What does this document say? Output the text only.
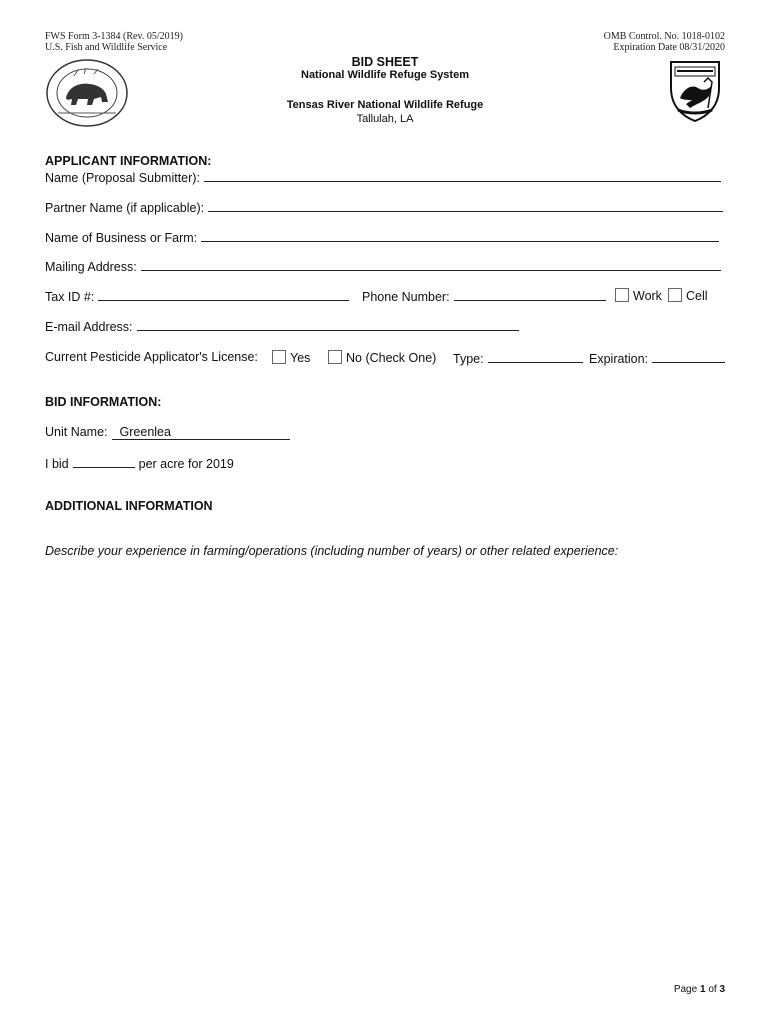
FWS Form 3-1384 (Rev. 05/2019)
U.S. Fish and Wildlife Service
OMB Control. No. 1018-0102
Expiration Date 08/31/2020
BID SHEET
National Wildlife Refuge System
Tensas River National Wildlife Refuge
Tallulah, LA
APPLICANT INFORMATION:
Name (Proposal Submitter):
Partner Name (if applicable):
Name of Business or Farm:
Mailing Address:
Tax ID #:	Phone Number:	Work	Cell
E-mail Address:
Current Pesticide Applicator's License:	Yes	No (Check One) Type:	Expiration:
BID INFORMATION:
Unit Name: Greenlea
I bid	per acre for 2019
ADDITIONAL INFORMATION
Describe your experience in farming/operations (including number of years) or other related experience:
Page 1 of 3
